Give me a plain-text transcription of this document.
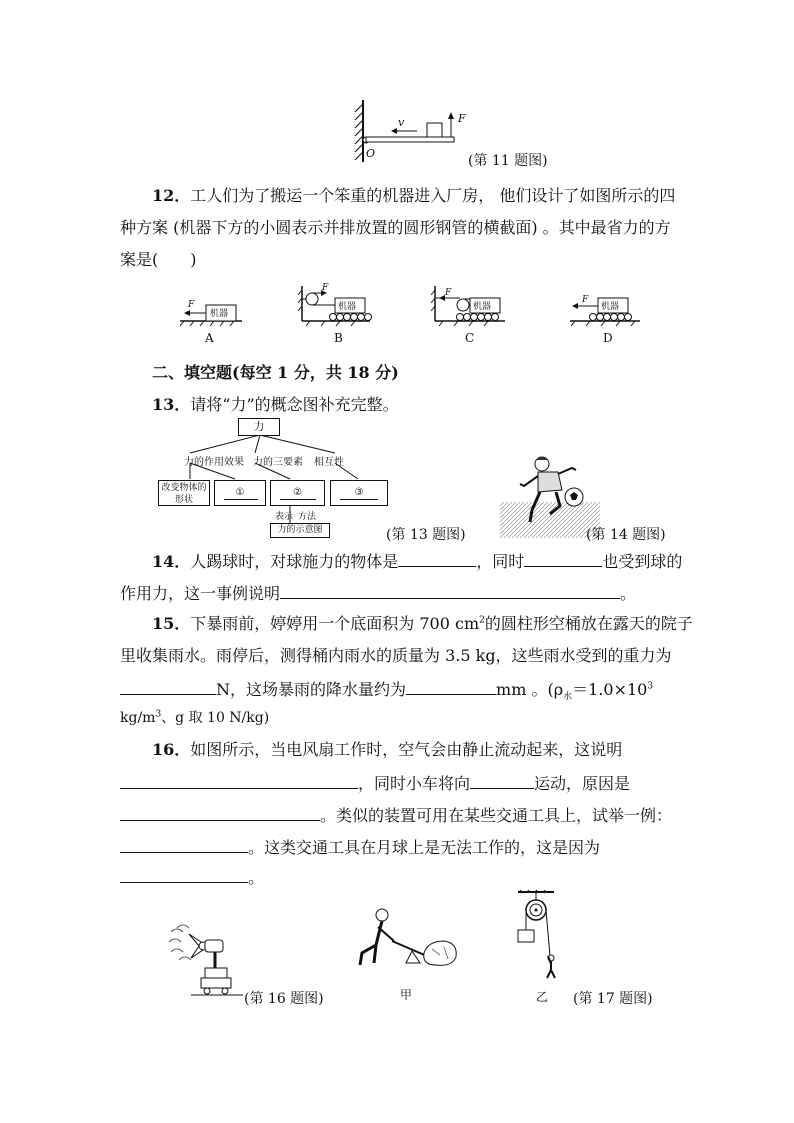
v	F
O	(第 11 题图)
12．工人们为了搬运一个笨重的机器进入厂房， 他们设计了如图所示的四
种方案 (机器下方的小圆表示并排放置的圆形钢管的横截面) 。其中最省力的方
案是(　　)
机器
机器	机器	机器
F
F	F
F
A	B	C	D
二、填空题(每空 1 分，共 18 分)
13．请将“力”的概念图补充完整。
力
力的作用效果 力的三要素 相互性
改变物体的形状
①	②	③
表示 方法
力的示意图	(第 13 题图)	(第 14 题图)
14．人踢球时，对球施力的物体是	，同时	也受到球的
作用力，这一事例说明	。
15．下暴雨前，婷婷用一个底面积为 700 $cm^2$的圆柱形空桶放在露天的院子
里收集雨水。雨停后，测得桶内雨水的质量为 3.5 kg，这些雨水受到的重力为
N，这场暴雨的降水量约为	mm 。($\rho_水=1.0\times 10^3$
$kg/m^3$、g 取 10 N/kg)
16．如图所示，当电风扇工作时，空气会由静止流动起来，这说明
，同时小车将向	运动，原因是
。类似的装置可用在某些交通工具上，试举一例：
。这类交通工具在月球上是无法工作的，这是因为
。
(第 16 题图)	甲	乙 (第 17 题图)
